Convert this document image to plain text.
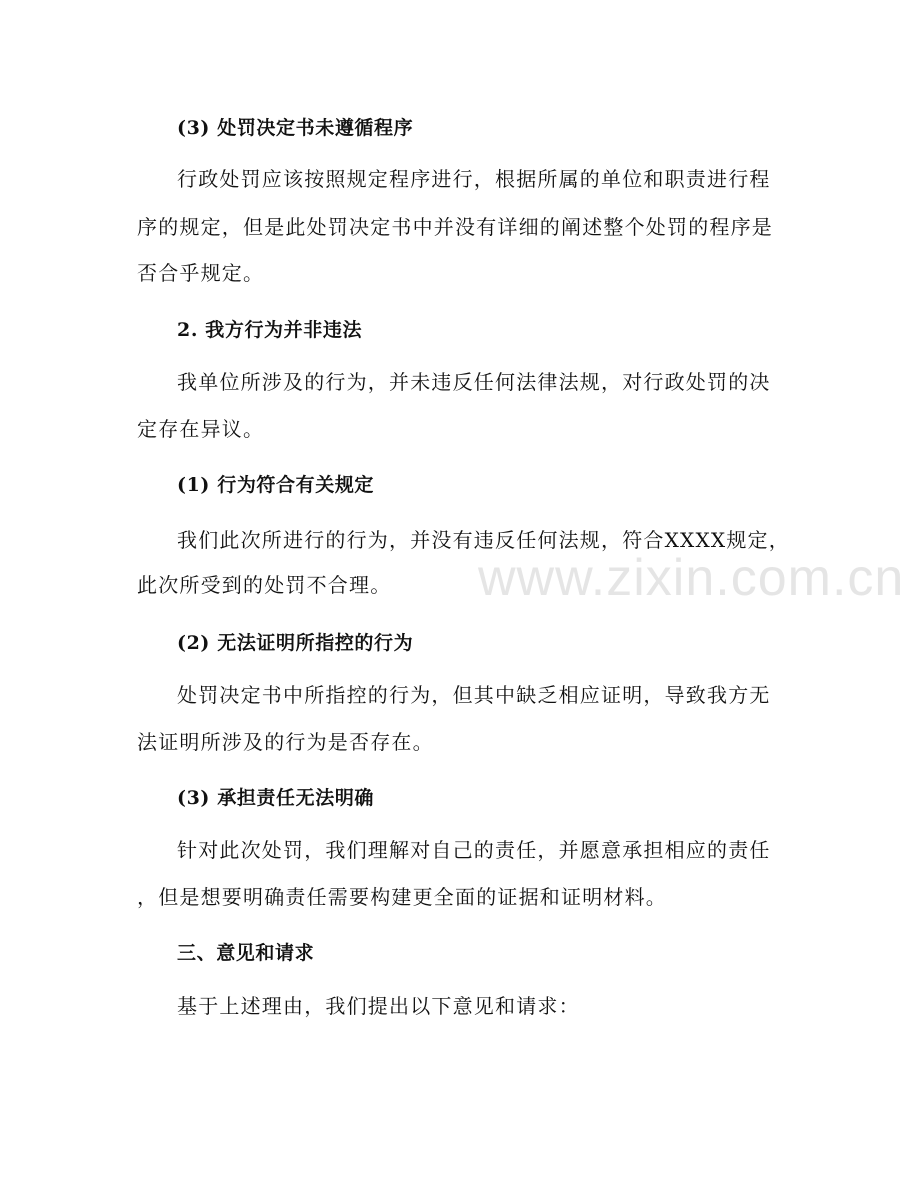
(3) 处罚决定书未遵循程序
行政处罚应该按照规定程序进行，根据所属的单位和职责进行程
序的规定，但是此处罚决定书中并没有详细的阐述整个处罚的程序是
否合乎规定。
2. 我方行为并非违法
我单位所涉及的行为，并未违反任何法律法规，对行政处罚的决
定存在异议。
(1) 行为符合有关规定
我们此次所进行的行为，并没有违反任何法规，符合XXXX规定，
此次所受到的处罚不合理。
(2) 无法证明所指控的行为
处罚决定书中所指控的行为，但其中缺乏相应证明，导致我方无
法证明所涉及的行为是否存在。
(3) 承担责任无法明确
针对此次处罚，我们理解对自己的责任，并愿意承担相应的责任
，但是想要明确责任需要构建更全面的证据和证明材料。
三、意见和请求
基于上述理由，我们提出以下意见和请求：
www.zixin.com.cn
